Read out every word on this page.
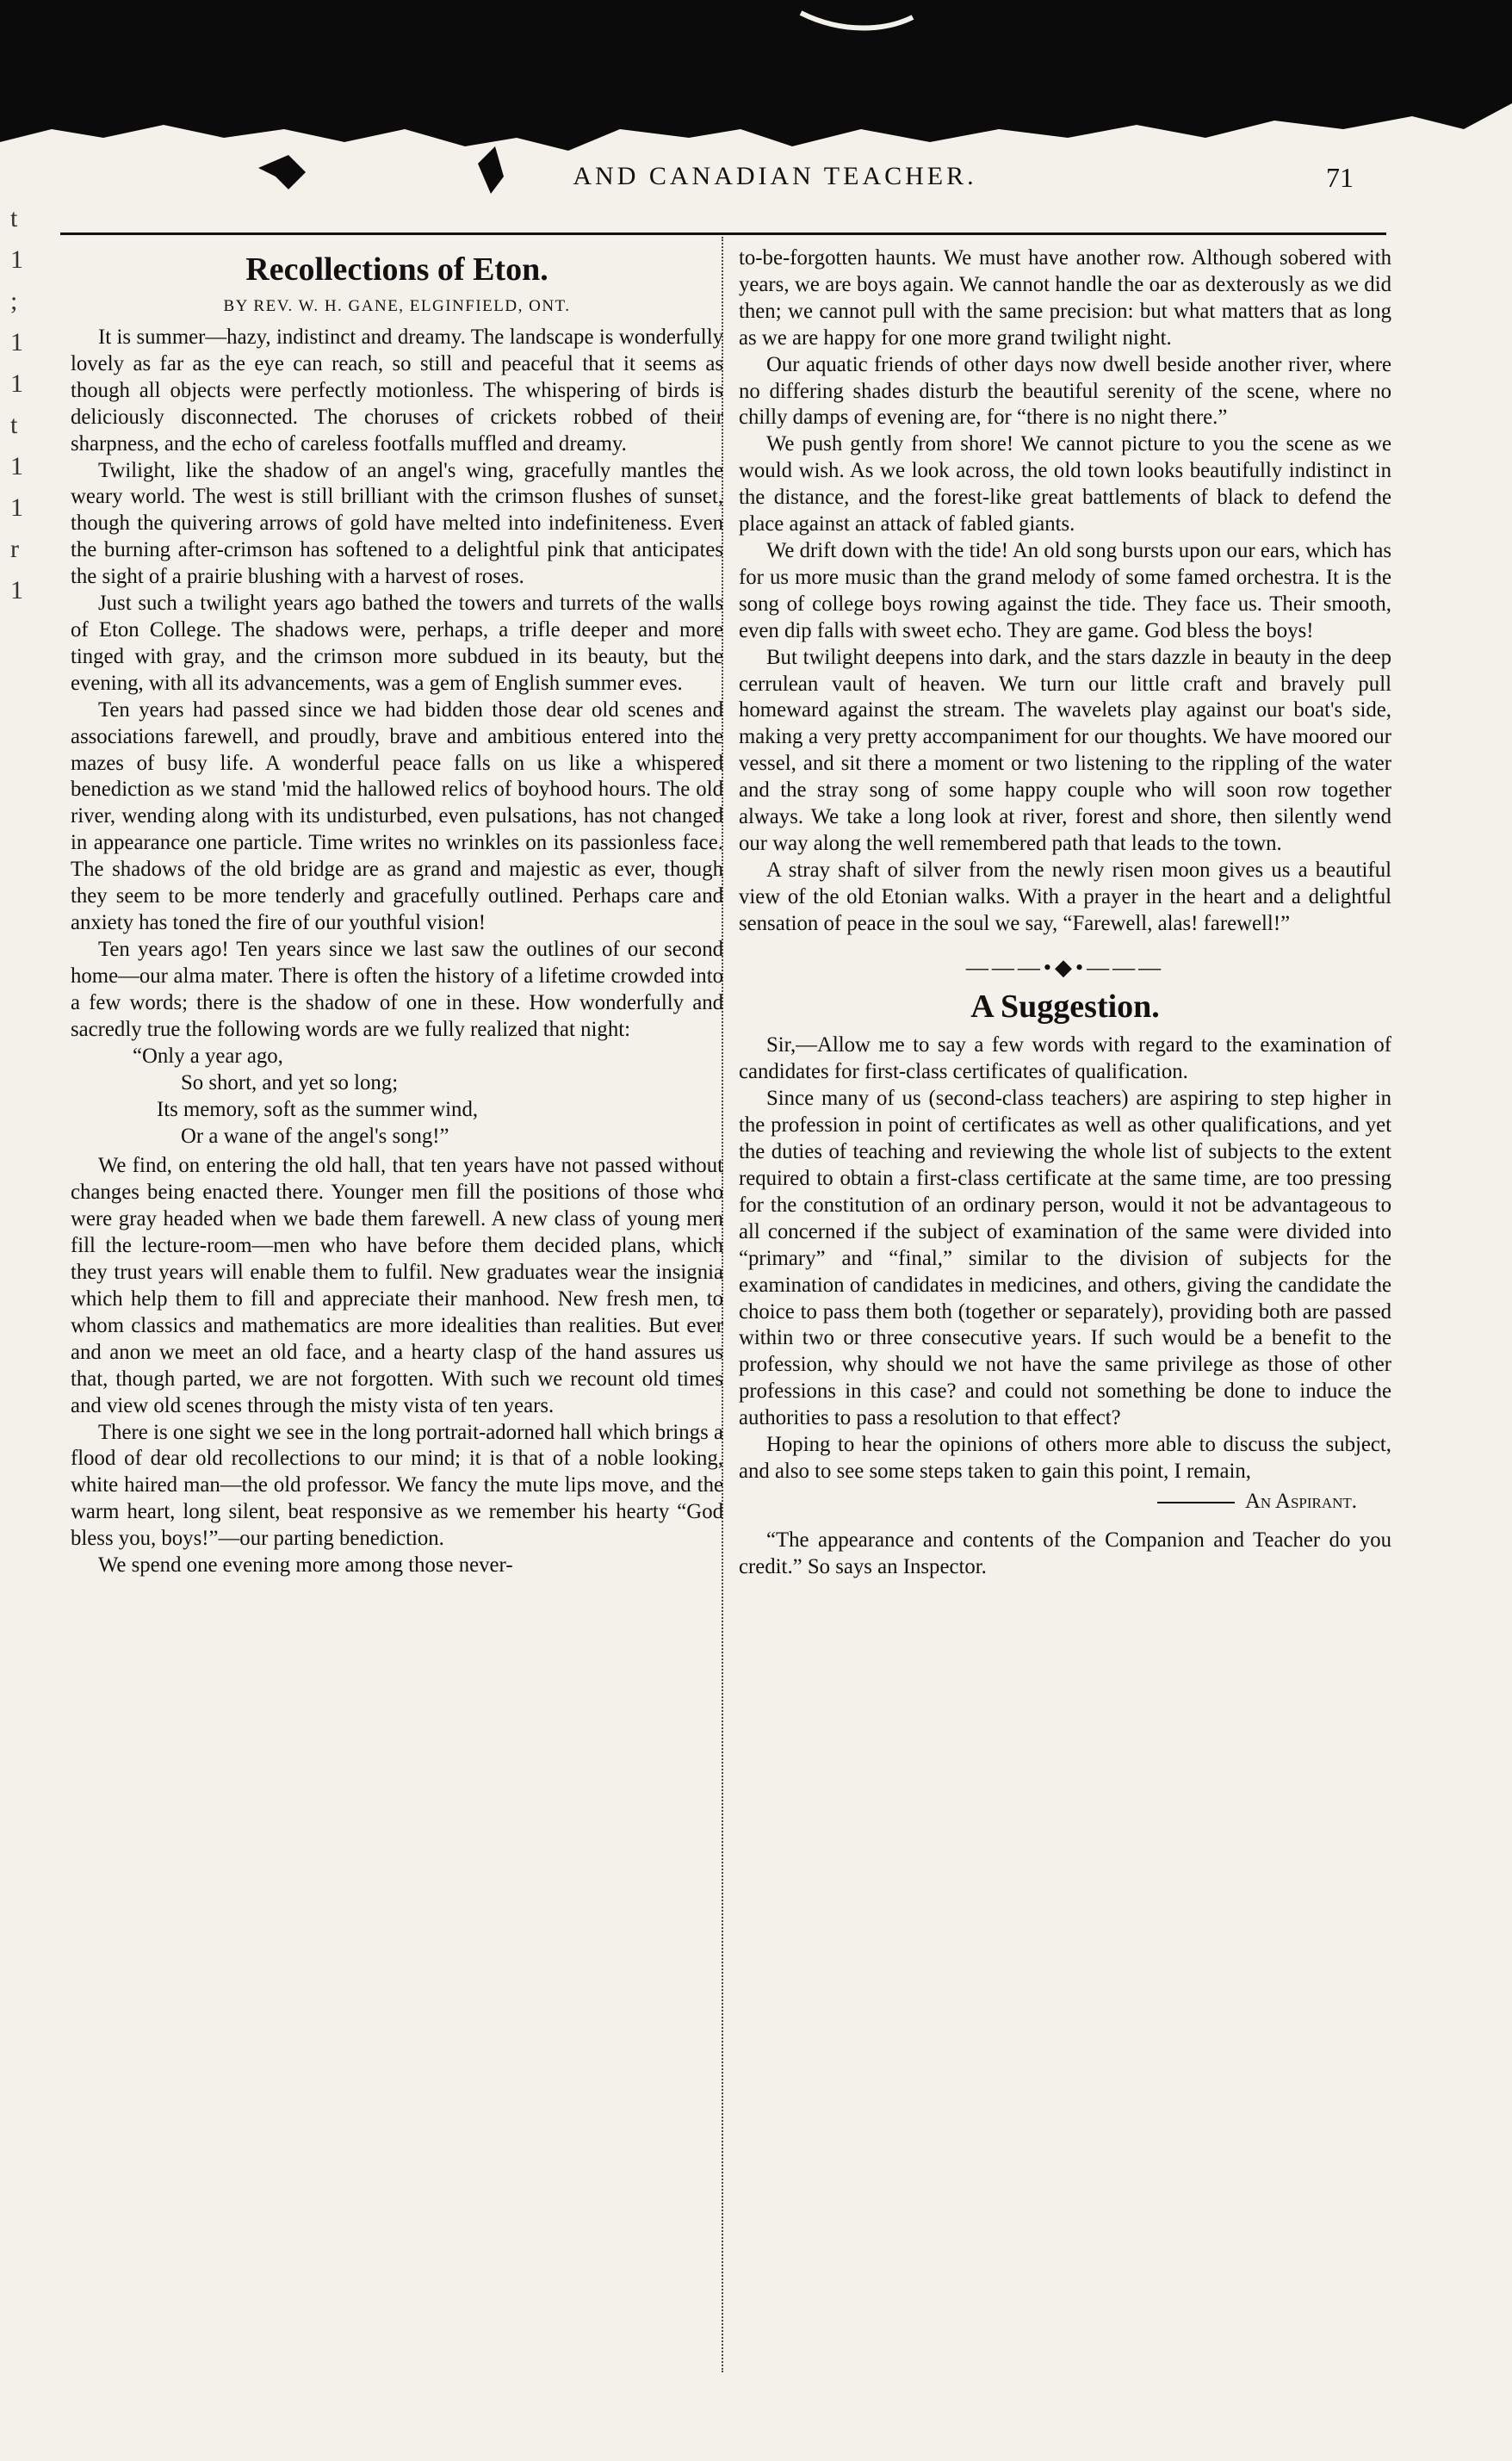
t
1
;
1
1
t
1
1
r
1
AND CANADIAN TEACHER.	71
Recollections of Eton.
BY REV. W. H. GANE, ELGINFIELD, ONT.

It is summer—hazy, indistinct and dreamy. The landscape is wonderfully lovely as far as the eye can reach, so still and peaceful that it seems as though all objects were perfectly motionless. The whispering of birds is deliciously disconnected. The choruses of crickets robbed of their sharpness, and the echo of careless footfalls muffled and dreamy.

Twilight, like the shadow of an angel's wing, gracefully mantles the weary world. The west is still brilliant with the crimson flushes of sunset, though the quivering arrows of gold have melted into indefiniteness. Even the burning after-crimson has softened to a delightful pink that anticipates the sight of a prairie blushing with a harvest of roses.

Just such a twilight years ago bathed the towers and turrets of the walls of Eton College. The shadows were, perhaps, a trifle deeper and more tinged with gray, and the crimson more subdued in its beauty, but the evening, with all its advancements, was a gem of English summer eves.

Ten years had passed since we had bidden those dear old scenes and associations farewell, and proudly, brave and ambitious entered into the mazes of busy life. A wonderful peace falls on us like a whispered benediction as we stand 'mid the hallowed relics of boyhood hours. The old river, wending along with its undisturbed, even pulsations, has not changed in appearance one particle. Time writes no wrinkles on its passionless face. The shadows of the old bridge are as grand and majestic as ever, though they seem to be more tenderly and gracefully outlined. Perhaps care and anxiety has toned the fire of our youthful vision!

Ten years ago! Ten years since we last saw the outlines of our second home—our alma mater. There is often the history of a lifetime crowded into a few words; there is the shadow of one in these. How wonderfully and sacredly true the following words are we fully realized that night:

“Only a year ago,
So short, and yet so long;
Its memory, soft as the summer wind,
Or a wane of the angel's song!”

We find, on entering the old hall, that ten years have not passed without changes being enacted there. Younger men fill the positions of those who were gray headed when we bade them farewell. A new class of young men fill the lecture-room—men who have before them decided plans, which they trust years will enable them to fulfil. New graduates wear the insignia which help them to fill and appreciate their manhood. New fresh men, to whom classics and mathematics are more idealities than realities. But ever and anon we meet an old face, and a hearty clasp of the hand assures us that, though parted, we are not forgotten. With such we recount old times and view old scenes through the misty vista of ten years.

There is one sight we see in the long portrait-adorned hall which brings a flood of dear old recollections to our mind; it is that of a noble looking, white haired man—the old professor. We fancy the mute lips move, and the warm heart, long silent, beat responsive as we remember his hearty “God bless you, boys!”—our parting benediction.

We spend one evening more among those never-

to-be-forgotten haunts. We must have another row. Although sobered with years, we are boys again. We cannot handle the oar as dexterously as we did then; we cannot pull with the same precision: but what matters that as long as we are happy for one more grand twilight night.

Our aquatic friends of other days now dwell beside another river, where no differing shades disturb the beautiful serenity of the scene, where no chilly damps of evening are, for “there is no night there.”

We push gently from shore! We cannot picture to you the scene as we would wish. As we look across, the old town looks beautifully indistinct in the distance, and the forest-like great battlements of black to defend the place against an attack of fabled giants.

We drift down with the tide! An old song bursts upon our ears, which has for us more music than the grand melody of some famed orchestra. It is the song of college boys rowing against the tide. They face us. Their smooth, even dip falls with sweet echo. They are game. God bless the boys!

But twilight deepens into dark, and the stars dazzle in beauty in the deep cerrulean vault of heaven. We turn our little craft and bravely pull homeward against the stream. The wavelets play against our boat's side, making a very pretty accompaniment for our thoughts. We have moored our vessel, and sit there a moment or two listening to the rippling of the water and the stray song of some happy couple who will soon row together always. We take a long look at river, forest and shore, then silently wend our way along the well remembered path that leads to the town.

A stray shaft of silver from the newly risen moon gives us a beautiful view of the old Etonian walks. With a prayer in the heart and a delightful sensation of peace in the soul we say, “Farewell, alas! farewell!”

———•◆•———
A Suggestion.

Sir,—Allow me to say a few words with regard to the examination of candidates for first-class certificates of qualification.

Since many of us (second-class teachers) are aspiring to step higher in the profession in point of certificates as well as other qualifications, and yet the duties of teaching and reviewing the whole list of subjects to the extent required to obtain a first-class certificate at the same time, are too pressing for the constitution of an ordinary person, would it not be advantageous to all concerned if the subject of examination of the same were divided into “primary” and “final,” similar to the division of subjects for the examination of candidates in medicines, and others, giving the candidate the choice to pass them both (together or separately), providing both are passed within two or three consecutive years. If such would be a benefit to the profession, why should we not have the same privilege as those of other professions in this case? and could not something be done to induce the authorities to pass a resolution to that effect?

Hoping to hear the opinions of others more able to discuss the subject, and also to see some steps taken to gain this point, I remain,

An Aspirant.

“The appearance and contents of the Companion and Teacher do you credit.” So says an Inspector.
